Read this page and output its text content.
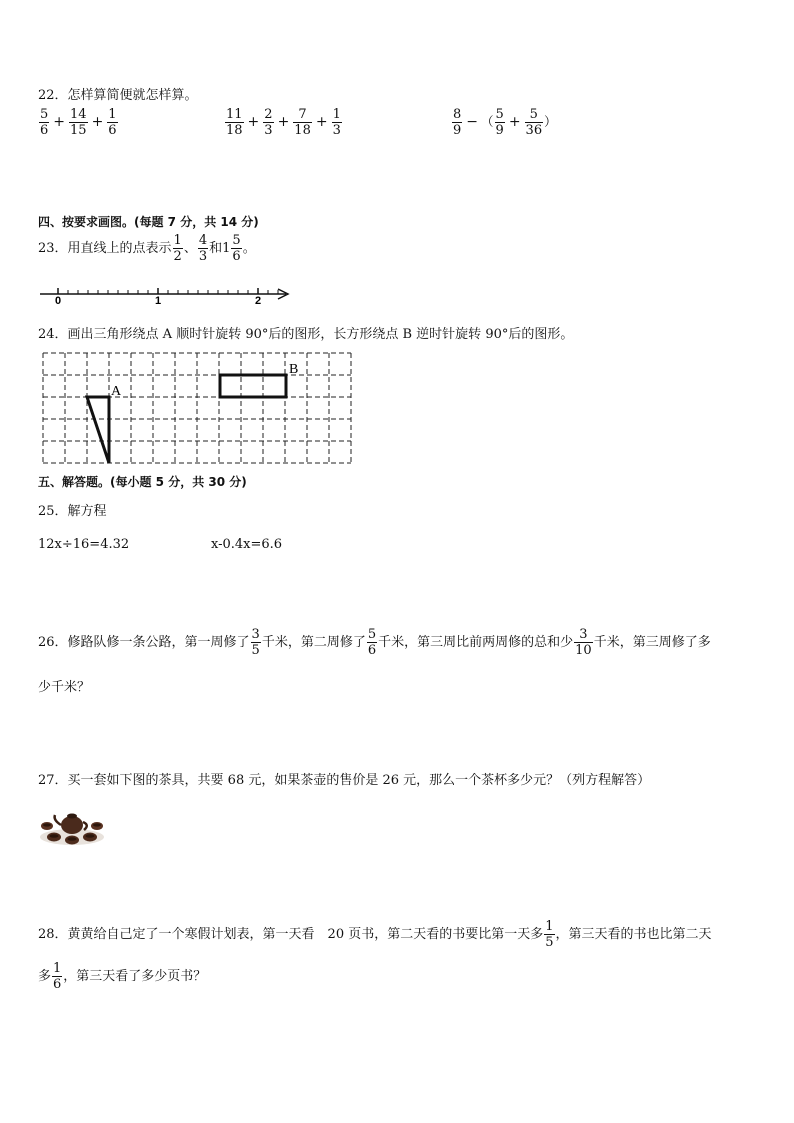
22．怎样算简便就怎样算。
$\frac{5}{6} + \frac{14}{15} + \frac{1}{6}$	$\frac{11}{18} + \frac{2}{3} + \frac{7}{18} + \frac{1}{3}$	$\frac{8}{9}$ − （ $\frac{5}{9} + \frac{5}{36}$ ）
四、按要求画图。(每题 7 分，共 14 分)
23．用直线上的点表示 $\frac{1}{2}$ 、 $\frac{4}{3}$ 和$1 \frac{5}{6}$ 。
0	1	2
24．画出三角形绕点 A 顺时针旋转 90°后的图形，长方形绕点 B 逆时针旋转 90°后的图形。
A
B
五、解答题。(每小题 5 分，共 30 分)
25．解方程
12x÷16=4.32	x-0.4x=6.6
26．修路队修一条公路，第一周修了 $\frac{3}{5}$ 千米，第二周修了 $\frac{5}{6}$ 千米，第三周比前两周修的总和少 $\frac{3}{10}$ 千米，第三周修了多
少千米？
27．买一套如下图的茶具，共要 68 元，如果茶壶的售价是 26 元，那么一个茶杯多少元？（列方程解答）
28．黄黄给自己定了一个寒假计划表，第一天看　20 页书，第二天看的书要比第一天多 $\frac{1}{5}$ ，第三天看的书也比第二天
多 $\frac{1}{6}$ ，第三天看了多少页书？
